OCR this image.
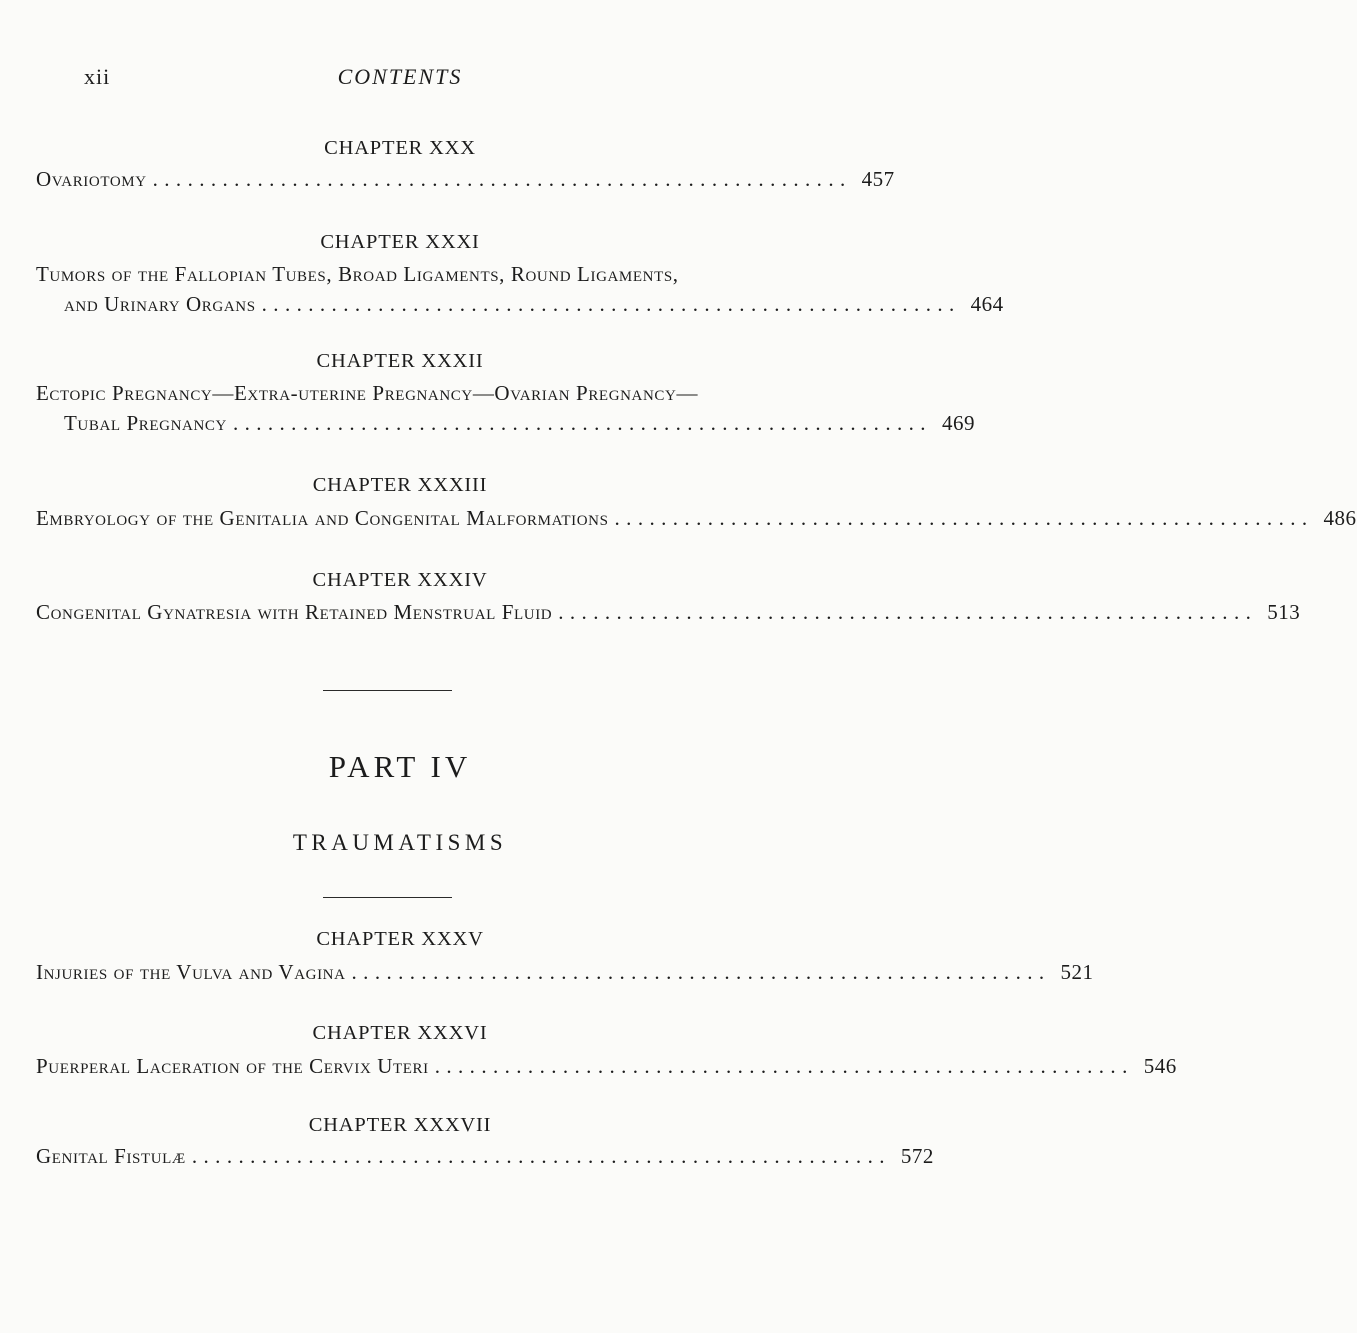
xii	CONTENTS
CHAPTER XXX
Ovariotomy ............................................................ 457
CHAPTER XXXI
Tumors of the Fallopian Tubes, Broad Ligaments, Round Ligaments,
and Urinary Organs ............................................................ 464
CHAPTER XXXII
Ectopic Pregnancy—Extra-uterine Pregnancy—Ovarian Pregnancy—
Tubal Pregnancy ............................................................ 469
CHAPTER XXXIII
Embryology of the Genitalia and Congenital Malformations ............................................................ 486
CHAPTER XXXIV
Congenital Gynatresia with Retained Menstrual Fluid ............................................................ 513
PART IV
TRAUMATISMS
CHAPTER XXXV
Injuries of the Vulva and Vagina ............................................................ 521
CHAPTER XXXVI
Puerperal Laceration of the Cervix Uteri ............................................................ 546
CHAPTER XXXVII
Genital Fistulæ ............................................................ 572
